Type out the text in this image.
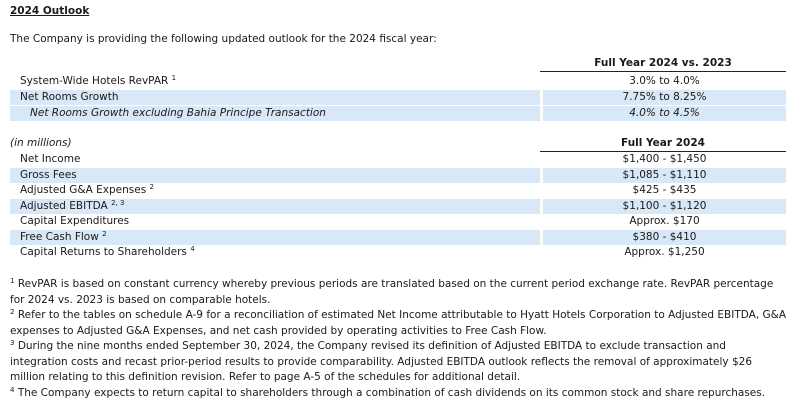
2024 Outlook
The Company is providing the following updated outlook for the 2024 fiscal year:
Full Year 2024 vs. 2023
System-Wide Hotels RevPAR $^1$	3.0% to 4.0%
Net Rooms Growth	7.75% to 8.25%
Net Rooms Growth excluding Bahia Principe Transaction	4.0% to 4.5%
(in millions)	Full Year 2024
Net Income	$1,400 - $1,450
Gross Fees	$1,085 - $1,110
Adjusted G&A Expenses $^2$	$425 - $435
Adjusted EBITDA $^{2, 3}$	$1,100 - $1,120
Capital Expenditures	Approx. $170
Free Cash Flow $^2$	$380 - $410
Capital Returns to Shareholders $^4$	Approx. $1,250

$^1$ RevPAR is based on constant currency whereby previous periods are translated based on the current period exchange rate. RevPAR percentage for 2024 vs. 2023 is based on comparable hotels.

$^2$ Refer to the tables on schedule A-9 for a reconciliation of estimated Net Income attributable to Hyatt Hotels Corporation to Adjusted EBITDA, G&A expenses to Adjusted G&A Expenses, and net cash provided by operating activities to Free Cash Flow.

$^3$ During the nine months ended September 30, 2024, the Company revised its definition of Adjusted EBITDA to exclude transaction and integration costs and recast prior-period results to provide comparability. Adjusted EBITDA outlook reflects the removal of approximately $26 million relating to this definition revision. Refer to page A-5 of the schedules for additional detail.

$^4$ The Company expects to return capital to shareholders through a combination of cash dividends on its common stock and share repurchases.
